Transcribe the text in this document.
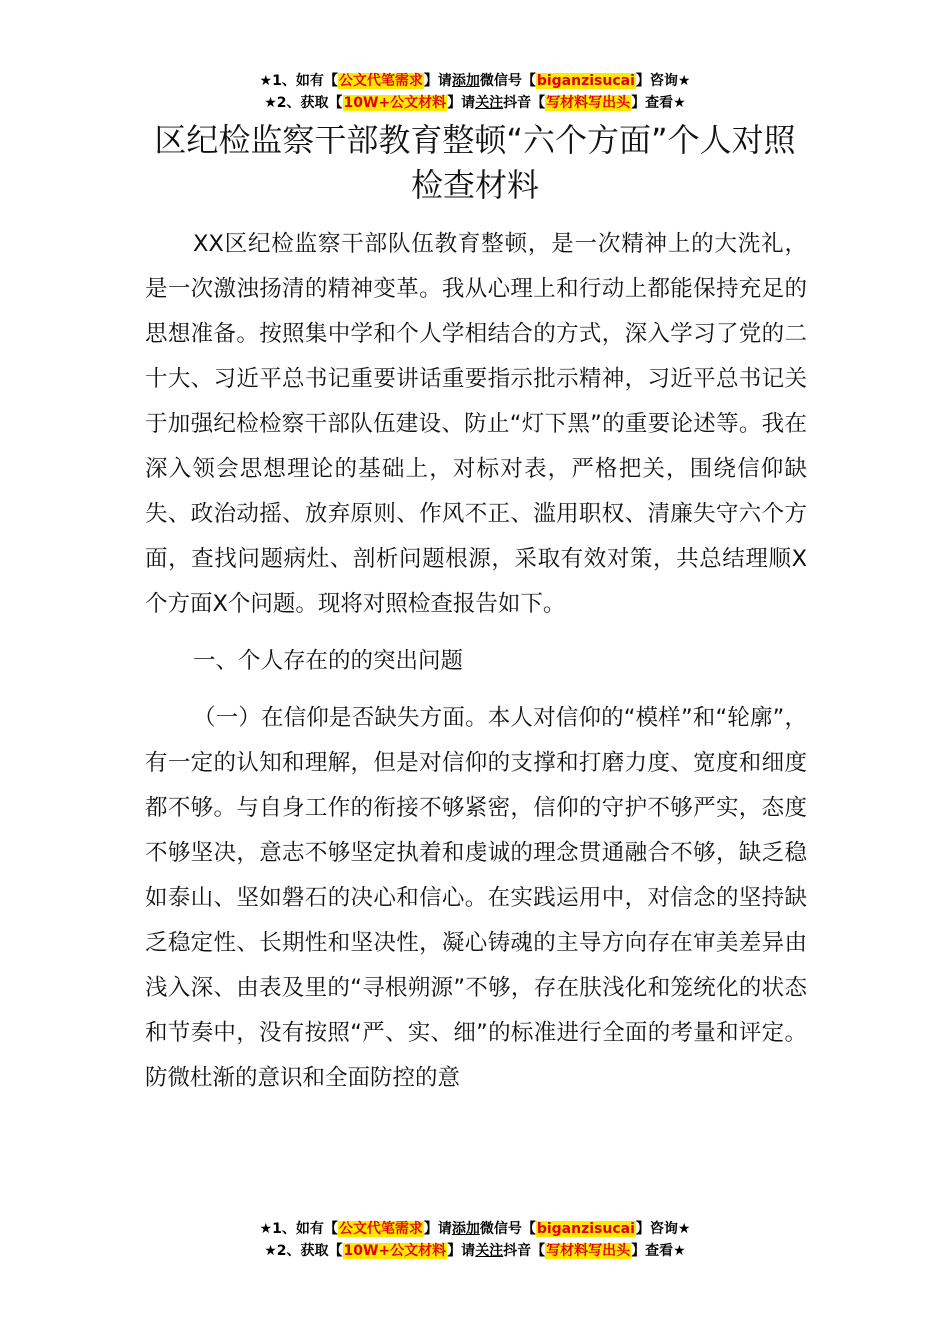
★1、如有【公文代笔需求】请添加微信号【biganzisucai】咨询★
★2、获取【10W+公文材料】请关注抖音【写材料写出头】查看★
区纪检监察干部教育整顿“六个方面”个人对照检查材料

XX区纪检监察干部队伍教育整顿，是一次精神上的大洗礼，是一次激浊扬清的精神变革。我从心理上和行动上都能保持充足的思想准备。按照集中学和个人学相结合的方式，深入学习了党的二十大、习近平总书记重要讲话重要指示批示精神，习近平总书记关于加强纪检检察干部队伍建设、防止“灯下黑”的重要论述等。我在深入领会思想理论的基础上，对标对表，严格把关，围绕信仰缺失、政治动摇、放弃原则、作风不正、滥用职权、清廉失守六个方面，查找问题病灶、剖析问题根源，采取有效对策，共总结理顺X个方面X个问题。现将对照检查报告如下。

一、个人存在的的突出问题

（一）在信仰是否缺失方面。本人对信仰的“模样”和“轮廓”，有一定的认知和理解，但是对信仰的支撑和打磨力度、宽度和细度都不够。与自身工作的衔接不够紧密，信仰的守护不够严实，态度不够坚决，意志不够坚定执着和虔诚的理念贯通融合不够，缺乏稳如泰山、坚如磐石的决心和信心。在实践运用中，对信念的坚持缺乏稳定性、长期性和坚决性，凝心铸魂的主导方向存在审美差异由浅入深、由表及里的“寻根朔源”不够，存在肤浅化和笼统化的状态和节奏中，没有按照“严、实、细”的标准进行全面的考量和评定。防微杜渐的意识和全面防控的意

★1、如有【公文代笔需求】请添加微信号【biganzisucai】咨询★
★2、获取【10W+公文材料】请关注抖音【写材料写出头】查看★
